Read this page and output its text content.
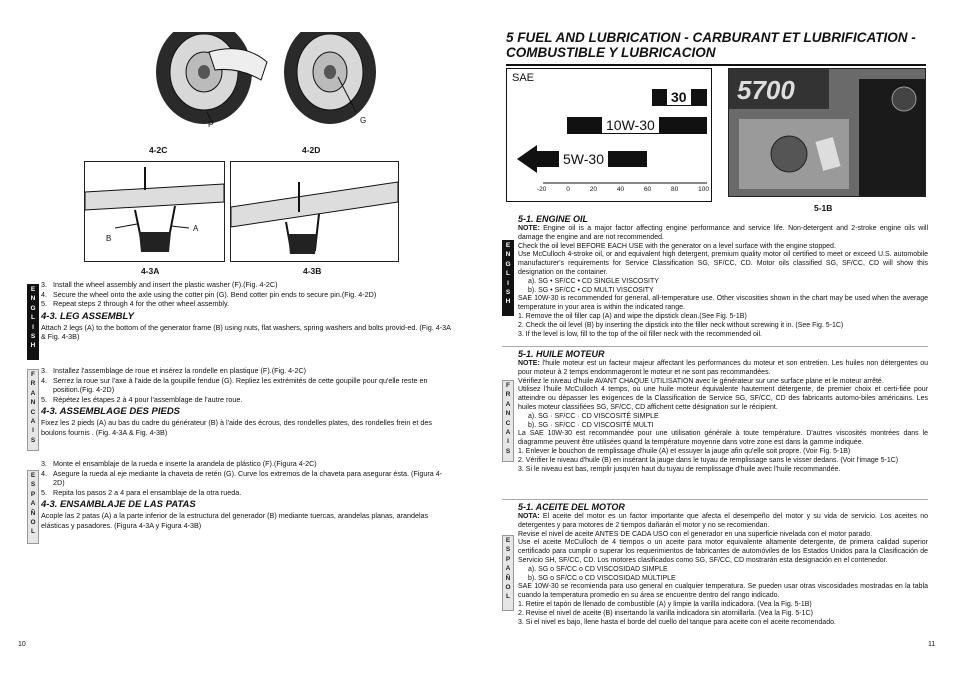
F
4-2C
G
4-2D
A
B
4-3A	4-3B
E
N
G
L
I
S
H

3. Install the wheel assembly and insert the plastic washer (F).(Fig. 4-2C)

4. Secure the wheel onto the axle using the cotter pin (G). Bend cotter pin ends to secure pin.(Fig. 4-2D)

5. Repeat steps 2 through 4 for the other wheel assembly.

4-3. LEG ASSEMBLY

Attach 2 legs (A) to the bottom of the generator frame (B) using nuts, flat washers, spring washers and bolts provid-ed. (Fig. 4-3A & Fig. 4-3B)

F
R
A
N
C
A
I
S

3. Installez l'assemblage de roue et insérez la rondelle en plastique (F).(Fig. 4-2C)

4. Serrez la roue sur l'axe à l'aide de la goupille fendue (G). Repliez les extrémités de cette goupille pour qu'elle reste en position.(Fig. 4-2D)

5. Répétez les étapes 2 à 4 pour l'assemblage de l'autre roue.

4-3. ASSEMBLAGE DES PIEDS

Fixez les 2 pieds (A) au bas du cadre du générateur (B) à l'aide des écrous, des rondelles plates, des rondelles frein et des boulons fournis . (Fig. 4-3A & Fig. 4-3B)

E
S
P
A
Ñ
O
L

3. Monte el ensamblaje de la rueda e inserte la arandela de plástico (F).(Figura 4-2C)

4. Asegure la rueda al eje mediante la chaveta de retén (G). Curve los extremos de la chaveta para asegurar ésta. (Figura 4-2D)

5. Repita los pasos 2 a 4 para el ensamblaje de la otra rueda.

4-3. ENSAMBLAJE DE LAS PATAS

Acople las 2 patas (A) a la parte inferior de la estructura del generador (B) mediante tuercas, arandelas planas, arandelas elásticas y pasadores. (Figura 4-3A y Figura 4-3B)

10
5 FUEL AND LUBRICATION - CARBURANT ET LUBRIFICATION - COMBUSTIBLE Y LUBRICACION
SAE
30
10W-30
5W-30
-20	0	20	40	60	80	100
5700
5-1B
E
N
G
L
I
S
H

5-1. ENGINE OIL

NOTE: Engine oil is a major factor affecting engine performance and service life. Non-detergent and 2-stroke engine oils will damage the engine and are not recommended.

Check the oil level BEFORE EACH USE with the generator on a level surface with the engine stopped.

Use McCulloch 4-stroke oil, or and equivalent high detergent, premium quality motor oil certified to meet or exceed U.S. automobile manufacturer's requirements for Service Classification SG, SF/CC, CD. Motor oils classified SG, SF/CC, CD will show this designation on the container.

a). SG • SF/CC • CD SINGLE VISCOSITY

b). SG • SF/CC • CD MULTI VISCOSITY

SAE 10W-30 is recommended for general, all-temperature use. Other viscosities shown in the chart may be used when the average temperature in your area is within the indicated range.

1. Remove the oil filler cap (A) and wipe the dipstick clean.(See Fig. 5-1B)

2. Check the oil level (B) by inserting the dipstick into the filler neck without screwing it in. (See Fig. 5-1C)

3. If the level is low, fill to the top of the oil filler neck with the recommended oil.

F
R
A
N
C
A
I
S

5-1. HUILE MOTEUR

NOTE: l'huile moteur est un facteur majeur affectant les performances du moteur et son entretien. Les huiles non détergentes ou pour moteur à 2 temps endommageront le moteur et ne sont pas recommandées.

Vérifiez le niveau d'huile AVANT CHAQUE UTILISATION avec le générateur sur une surface plane et le moteur arrêté.

Utilisez l'huile McCulloch 4 temps, ou une huile moteur équivalente hautement détergente, de premier choix et certi-fiée pour atteindre ou dépasser les exigences de la Classification de Service SG, SF/CC, CD des fabricants automo-biles américains. Les huiles moteur classifiées SG, SF/CC, CD affichent cette désignation sur le récipient.

a). SG · SF/CC · CD VISCOSITÉ SIMPLE

b). SG · SF/CC · CD VISCOSITÉ MULTI

La SAE 10W-30 est recommandée pour une utilisation générale à toute température. D'autres viscosités montrées dans le diagramme peuvent être utilisées quand la température moyenne dans votre zone est dans la gamme indiquée.

1. Enlever le bouchon de remplissage d'huile (A) et essuyer la jauge afin qu'elle soit propre. (Voir Fig. 5-1B)

2. Vérifier le niveau d'huile (B) en insérant la jauge dans le tuyau de remplissage sans le visser dedans. (Voir l'image 5-1C)

3. Si le niveau est bas, remplir jusqu'en haut du tuyau de remplissage d'huile avec l'huile recommandée.

E
S
P
A
Ñ
O
L

5-1. ACEITE DEL MOTOR

NOTA: El aceite del motor es un factor importante que afecta el desempeño del motor y su vida de servicio. Los aceites no detergentes y para motores de 2 tiempos dañarán el motor y no se recomiendan.

Revise el nivel de aceite ANTES DE CADA USO con el generador en una superficie nivelada con el motor parado.

Use el aceite McCulloch de 4 tiempos o un aceite para motor equivalente altamente detergente, de primera calidad superior certificado para cumplir o superar los requerimientos de fabricantes de automóviles de los Estados Unidos para la Clasificación de Servicio SH, SF/CC, CD. Los motores clasificados como SG, SF/CC, CD mostrarán esta designación en el contenedor.

a). SG o SF/CC o CD VISCOSIDAD SIMPLE

b). SG o SF/CC o CD VISCOSIDAD MÚLTIPLE

SAE 10W-30 se recomienda para uso general en cualquier temperatura. Se pueden usar otras viscosidades mostradas en la tabla cuando la temperatura promedio en su área se encuentre dentro del rango indicado.

1. Retire el tapón de llenado de combustible (A) y limpie la varilla indicadora. (Vea la Fig. 5-1B)

2. Revise el nivel de aceite (B) insertando la varilla indicadora sin atornillarla. (Vea la Fig. 5-1C)

3. Si el nivel es bajo, llene hasta el borde del cuello del tanque para aceite con el aceite recomendado.

11
